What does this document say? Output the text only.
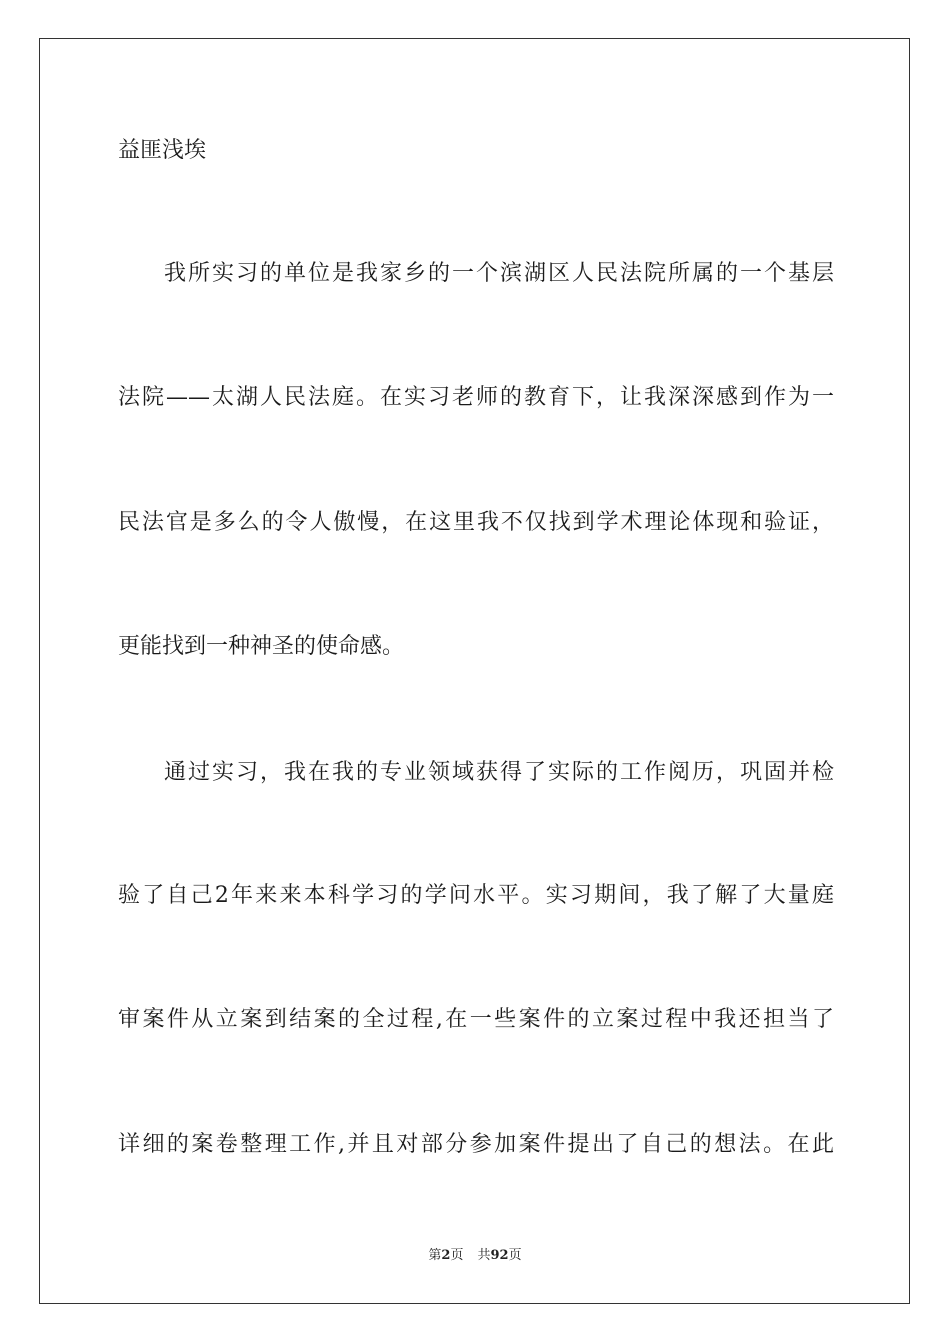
益匪浅埃
我所实习的单位是我家乡的一个滨湖区人民法院所属的一个基层
法院——太湖人民法庭。在实习老师的教育下，让我深深感到作为一
民法官是多么的令人傲慢，在这里我不仅找到学术理论体现和验证，
更能找到一种神圣的使命感。
通过实习，我在我的专业领域获得了实际的工作阅历，巩固并检
验了自己2年来来本科学习的学问水平。实习期间，我了解了大量庭
审案件从立案到结案的全过程,在一些案件的立案过程中我还担当了
详细的案卷整理工作,并且对部分参加案件提出了自己的想法。在此
第2页 共92页
